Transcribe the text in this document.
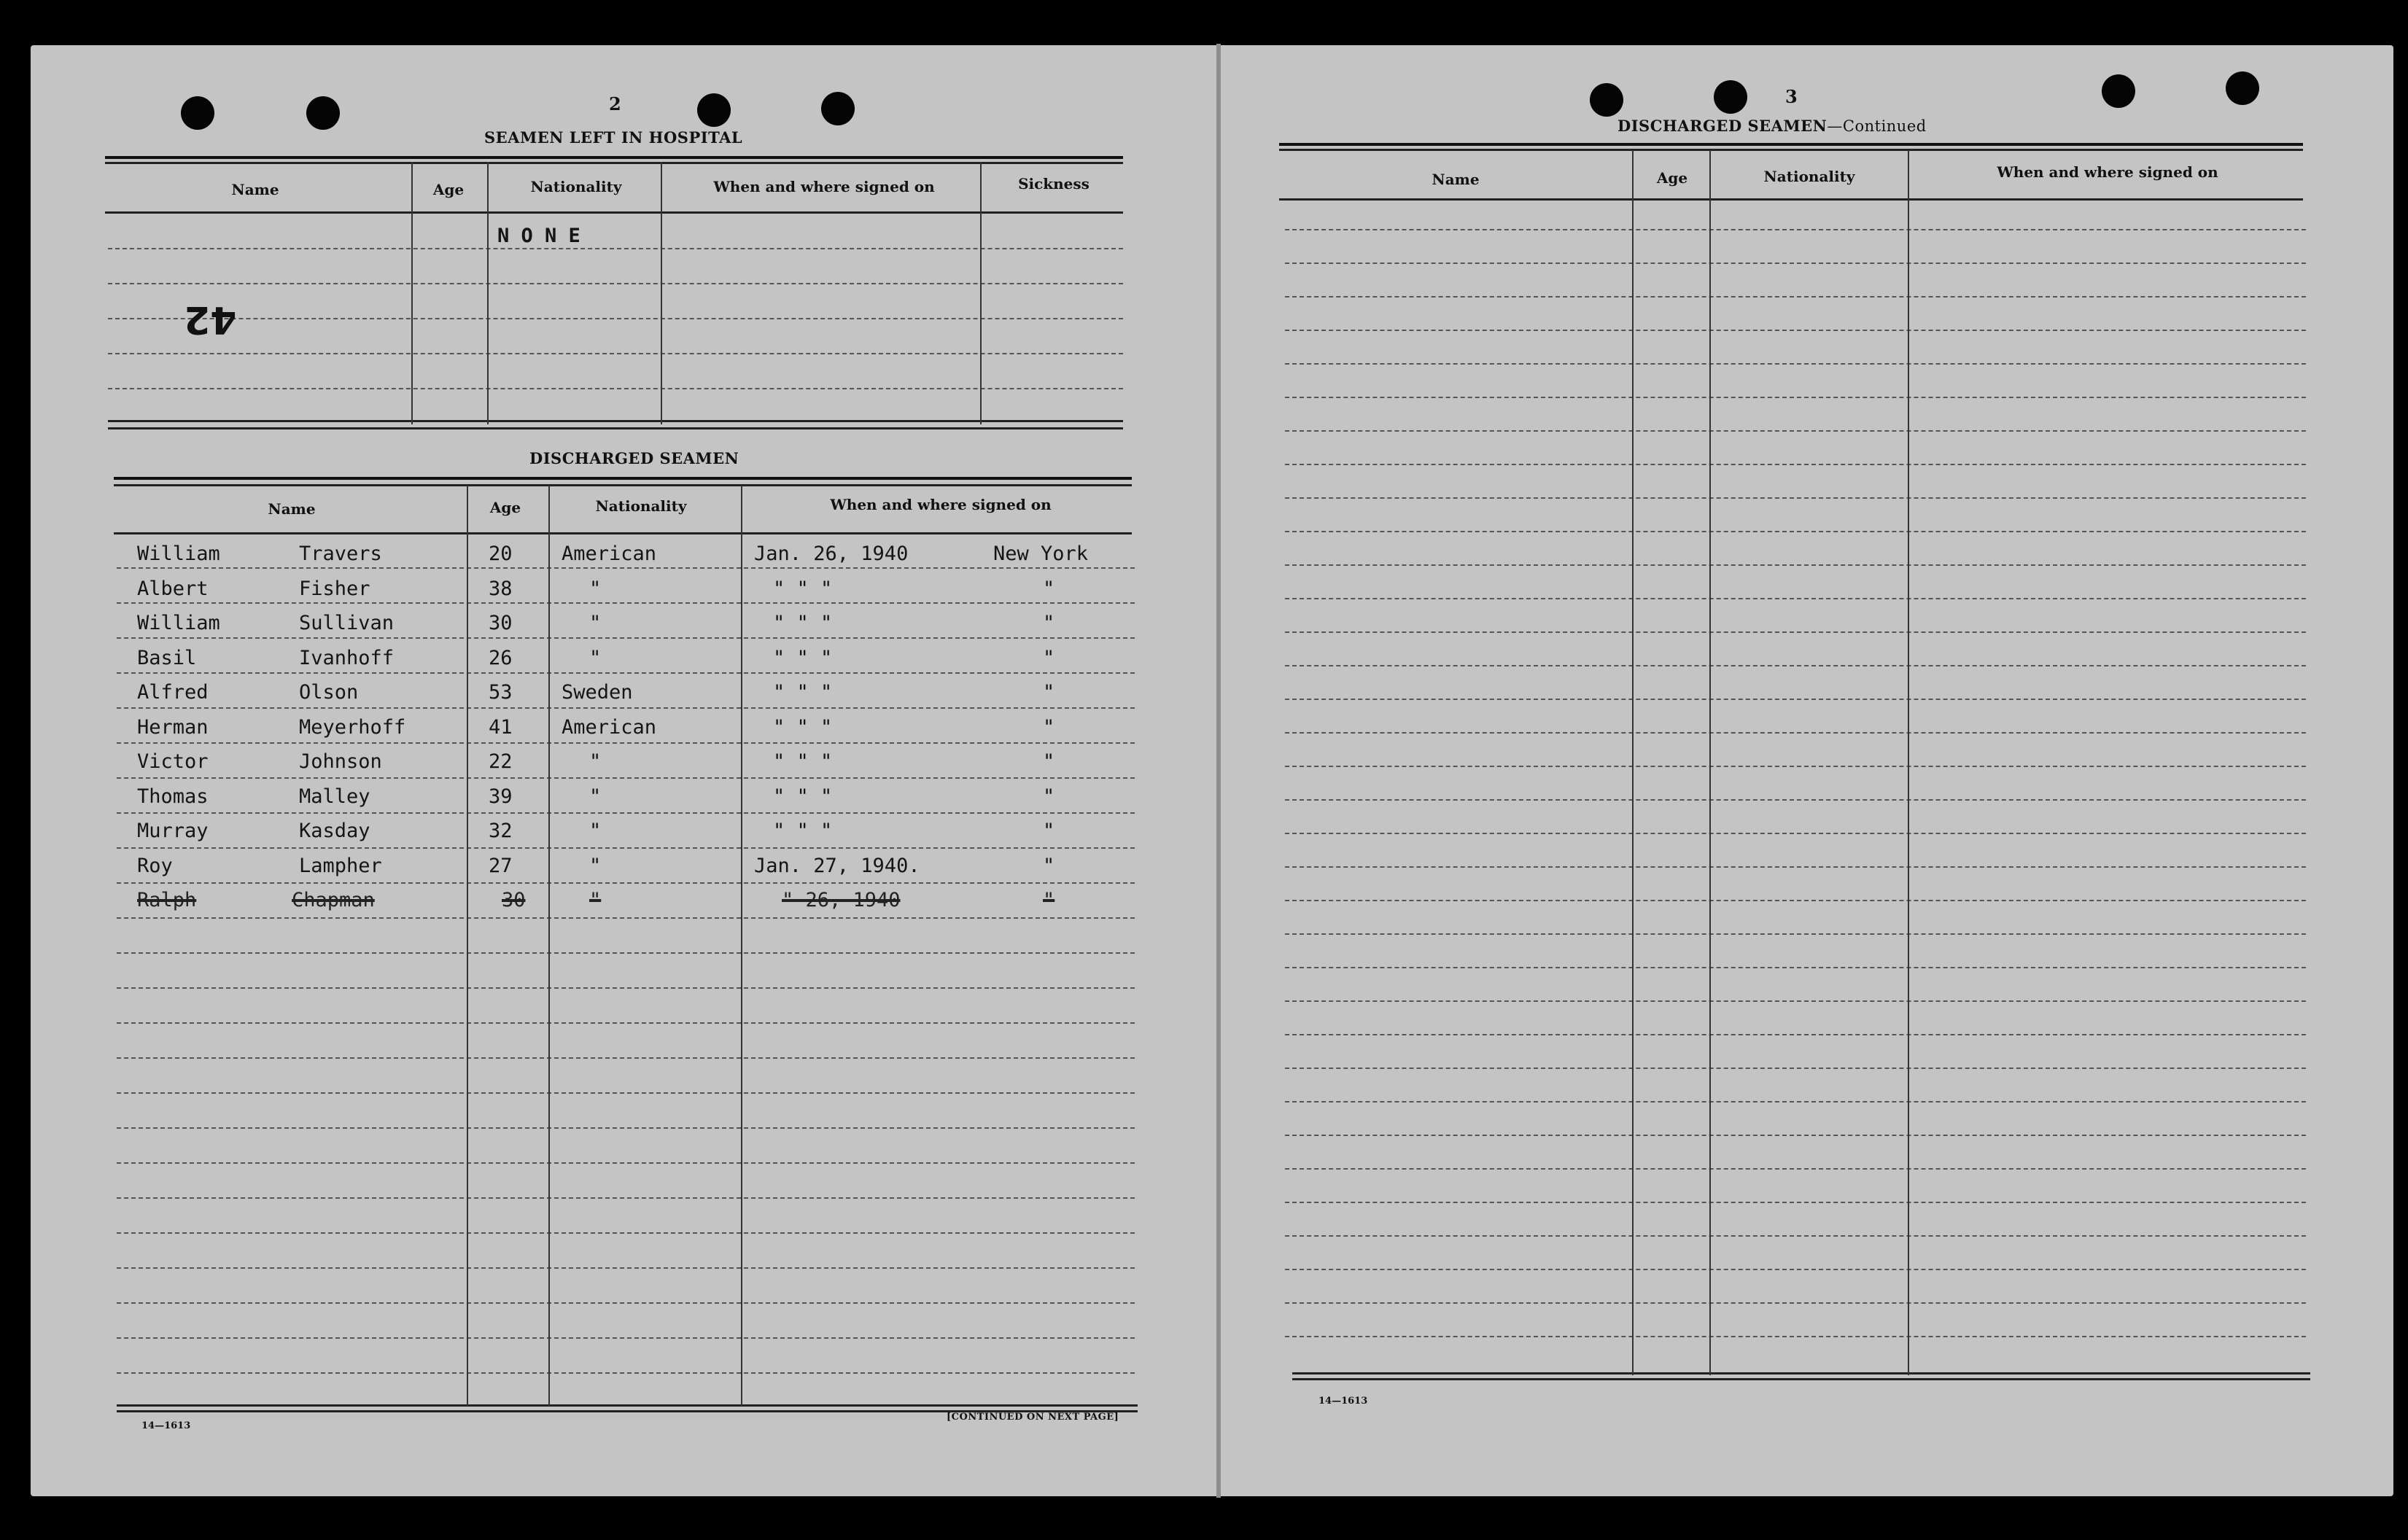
2
SEAMEN LEFT IN HOSPITAL
Name	Age	Nationality	When and where signed on	Sickness
N O N E
42
DISCHARGED SEAMEN
Name	Age	Nationality	When and where signed on
William	Travers	20 American	Jan. 26, 1940	New York
Albert	Fisher	38	"	" " "	"
William	Sullivan	30	"	" " "	"
Basil	Ivanhoff	26	"	" " "	"
Alfred	Olson	53 Sweden	" " "	"
Herman	Meyerhoff	41 American	" " "	"
Victor	Johnson	22	"	" " "	"
Thomas	Malley	39	"	" " "	"
Murray	Kasday	32	"	" " "	"
Roy	Lampher	27	"	Jan. 27, 1940.	"
Ralph	Chapman	30	"	" 26, 1940	"
14—1613
[CONTINUED ON NEXT PAGE]
3
DISCHARGED SEAMEN—Continued
Name	Age	Nationality	When and where signed on
14—1613
